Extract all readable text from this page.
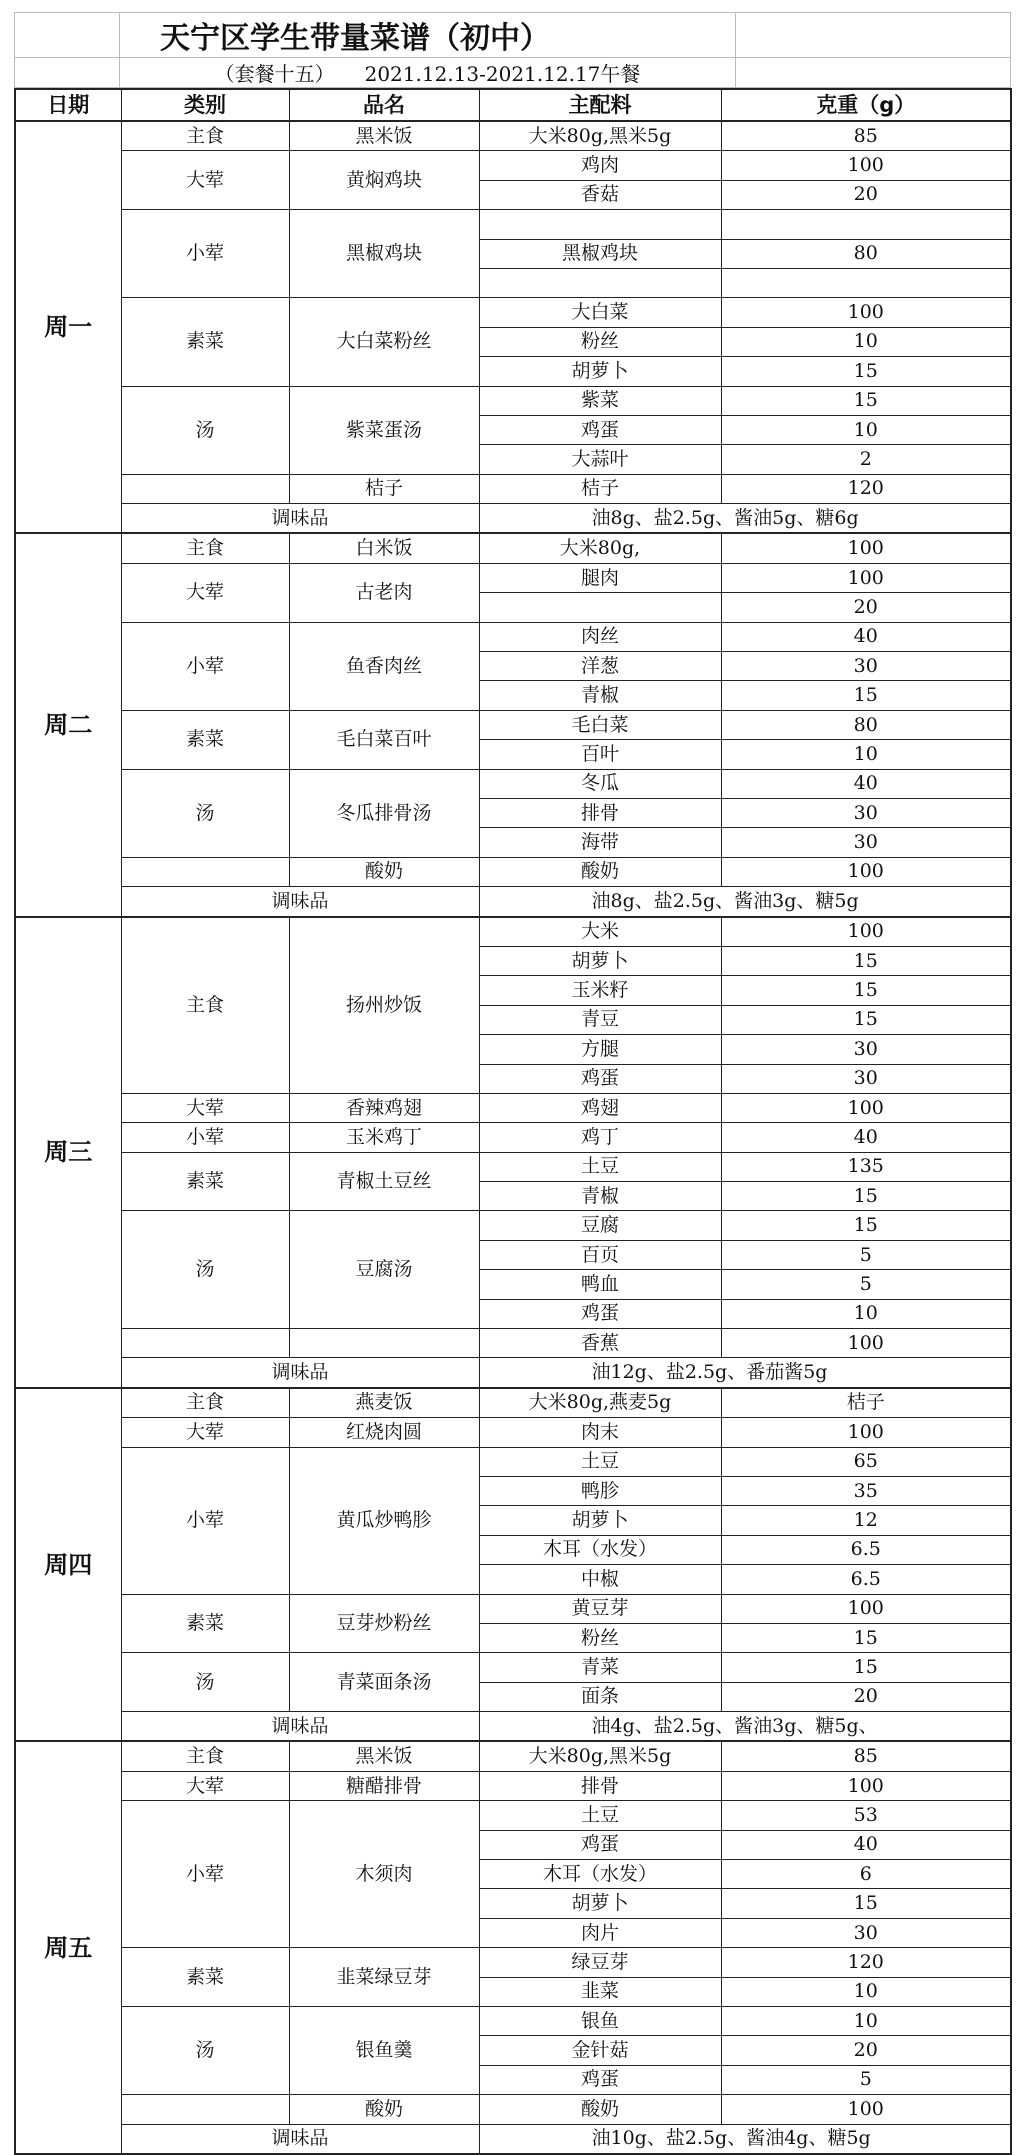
	天宁区学生带量菜谱（初中）	
	（套餐十五）　　2021.12.13-2021.12.17午餐	
日期	类别	品名	主配料	克重（g）
周一	主食	黑米饭	大米80g,黑米5g	85
	大荤	黄焖鸡块	鸡肉	100
			香菇	20
	小荤	黑椒鸡块		
			黑椒鸡块	80

	素菜	大白菜粉丝	大白菜	100
			粉丝	10
			胡萝卜	15
	汤	紫菜蛋汤	紫菜	15
			鸡蛋	10
			大蒜叶	2
		桔子	桔子	120
	调味品		油8g、盐2.5g、酱油5g、糖6g	
周二	主食	白米饭	大米80g,	100
	大荤	古老肉	腿肉	100
				20
	小荤	鱼香肉丝	肉丝	40
			洋葱	30
			青椒	15
	素菜	毛白菜百叶	毛白菜	80
			百叶	10
	汤	冬瓜排骨汤	冬瓜	40
			排骨	30
			海带	30
		酸奶	酸奶	100
	调味品		油8g、盐2.5g、酱油3g、糖5g	
周三	主食	扬州炒饭	大米	100
			胡萝卜	15
			玉米籽	15
			青豆	15
			方腿	30
			鸡蛋	30
	大荤	香辣鸡翅	鸡翅	100
	小荤	玉米鸡丁	鸡丁	40
	素菜	青椒土豆丝	土豆	135
			青椒	15
	汤	豆腐汤	豆腐	15
			百页	5
			鸭血	5
			鸡蛋	10
			香蕉	100
	调味品		油12g、盐2.5g、番茄酱5g	
周四	主食	燕麦饭	大米80g,燕麦5g	桔子
	大荤	红烧肉圆	肉末	100
	小荤	黄瓜炒鸭胗	土豆	65
			鸭胗	35
			胡萝卜	12
			木耳（水发）	6.5
			中椒	6.5
	素菜	豆芽炒粉丝	黄豆芽	100
			粉丝	15
	汤	青菜面条汤	青菜	15
			面条	20
	调味品		油4g、盐2.5g、酱油3g、糖5g、	
周五	主食	黑米饭	大米80g,黑米5g	85
	大荤	糖醋排骨	排骨	100
	小荤	木须肉	土豆	53
			鸡蛋	40
			木耳（水发）	6
			胡萝卜	15
			肉片	30
	素菜	韭菜绿豆芽	绿豆芽	120
			韭菜	10
	汤	银鱼羹	银鱼	10
			金针菇	20
			鸡蛋	5
		酸奶	酸奶	100
	调味品		油10g、盐2.5g、酱油4g、糖5g	
